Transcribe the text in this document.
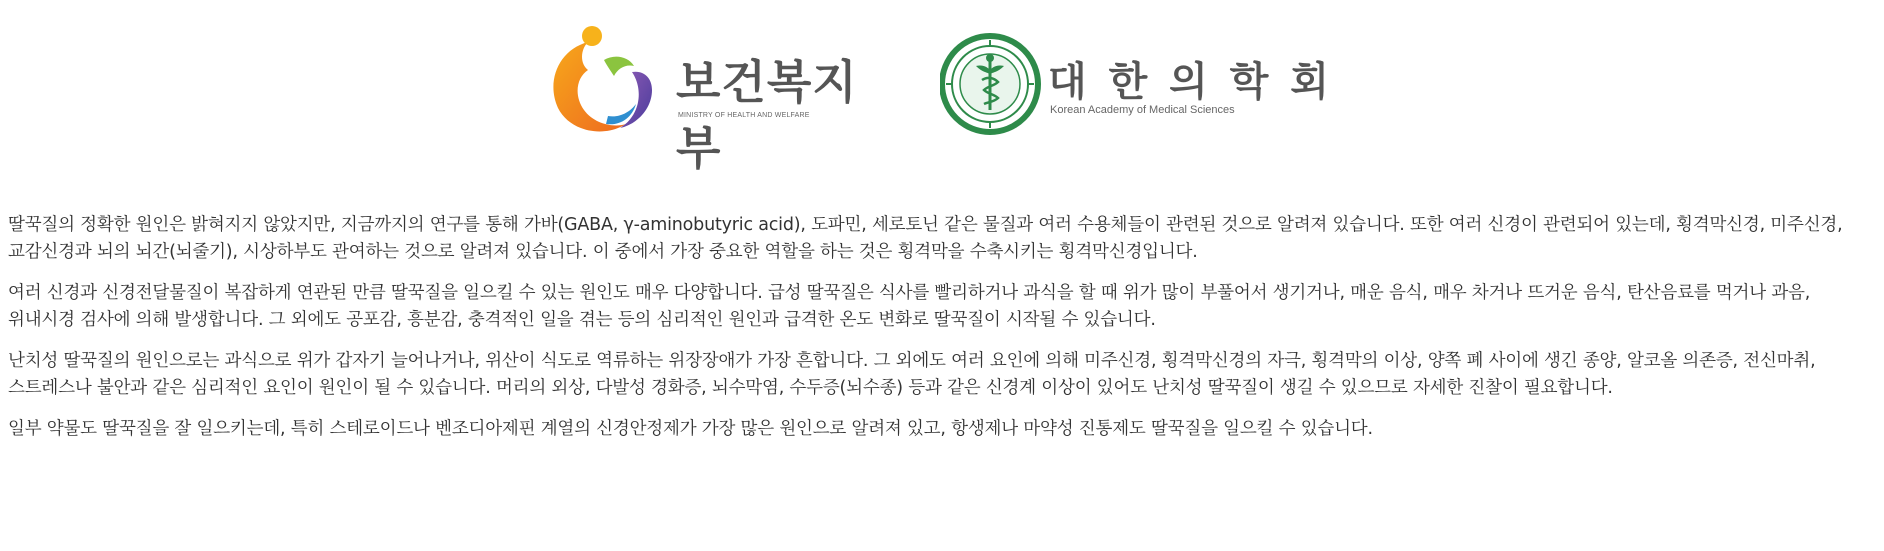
보건복지부
MINISTRY OF HEALTH AND WELFARE
대 한 의 학 회
Korean Academy of Medical Sciences

딸꾹질의 정확한 원인은 밝혀지지 않았지만, 지금까지의 연구를 통해 가바(GABA, γ-aminobutyric acid), 도파민, 세로토닌 같은 물질과 여러 수용체들이 관련된 것으로 알려져 있습니다. 또한 여러 신경이 관련되어 있는데, 횡격막신경, 미주신경, 교감신경과 뇌의 뇌간(뇌줄기), 시상하부도 관여하는 것으로 알려져 있습니다. 이 중에서 가장 중요한 역할을 하는 것은 횡격막을 수축시키는 횡격막신경입니다.

여러 신경과 신경전달물질이 복잡하게 연관된 만큼 딸꾹질을 일으킬 수 있는 원인도 매우 다양합니다. 급성 딸꾹질은 식사를 빨리하거나 과식을 할 때 위가 많이 부풀어서 생기거나, 매운 음식, 매우 차거나 뜨거운 음식, 탄산음료를 먹거나 과음, 위내시경 검사에 의해 발생합니다. 그 외에도 공포감, 흥분감, 충격적인 일을 겪는 등의 심리적인 원인과 급격한 온도 변화로 딸꾹질이 시작될 수 있습니다.

난치성 딸꾹질의 원인으로는 과식으로 위가 갑자기 늘어나거나, 위산이 식도로 역류하는 위장장애가 가장 흔합니다. 그 외에도 여러 요인에 의해 미주신경, 횡격막신경의 자극, 횡격막의 이상, 양쪽 폐 사이에 생긴 종양, 알코올 의존증, 전신마취, 스트레스나 불안과 같은 심리적인 요인이 원인이 될 수 있습니다. 머리의 외상, 다발성 경화증, 뇌수막염, 수두증(뇌수종) 등과 같은 신경계 이상이 있어도 난치성 딸꾹질이 생길 수 있으므로 자세한 진찰이 필요합니다.

일부 약물도 딸꾹질을 잘 일으키는데, 특히 스테로이드나 벤조디아제핀 계열의 신경안정제가 가장 많은 원인으로 알려져 있고, 항생제나 마약성 진통제도 딸꾹질을 일으킬 수 있습니다.
